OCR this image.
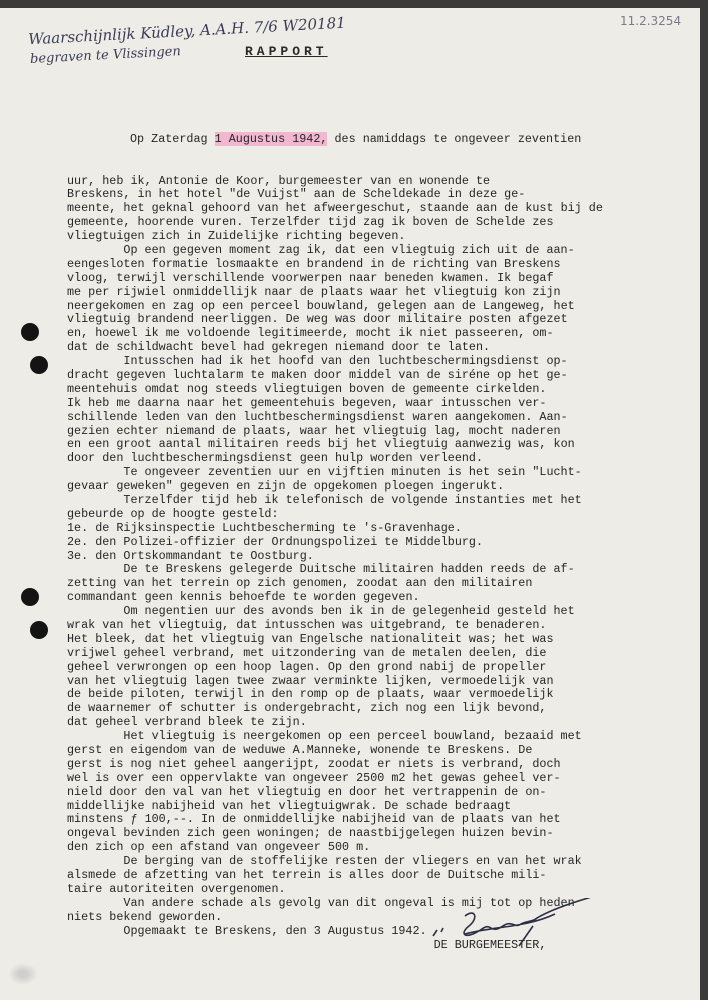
Waarschijnlijk Küdley, A.A.H. 7/6 W20181
begraven te Vlissingen
11.2.3254
RAPPORT

Op Zaterdag 1 Augustus 1942, des namiddags te ongeveer zeventien

uur, heb ik, Antonie de Koor, burgemeester van en wonende te
Breskens, in het hotel "de Vuijst" aan de Scheldekade in deze ge-
meente, het geknal gehoord van het afweergeschut, staande aan de kust bij de
gemeente, hoorende vuren. Terzelfder tijd zag ik boven de Schelde zes
vliegtuigen zich in Zuidelijke richting begeven.
Op een gegeven moment zag ik, dat een vliegtuig zich uit de aan-
eengesloten formatie losmaakte en brandend in de richting van Breskens
vloog, terwijl verschillende voorwerpen naar beneden kwamen. Ik begaf
me per rijwiel onmiddellijk naar de plaats waar het vliegtuig kon zijn
neergekomen en zag op een perceel bouwland, gelegen aan de Langeweg, het
vliegtuig brandend neerliggen. De weg was door militaire posten afgezet
en, hoewel ik me voldoende legitimeerde, mocht ik niet passeeren, om-
dat de schildwacht bevel had gekregen niemand door te laten.
Intusschen had ik het hoofd van den luchtbeschermingsdienst op-
dracht gegeven luchtalarm te maken door middel van de siréne op het ge-
meentehuis omdat nog steeds vliegtuigen boven de gemeente cirkelden.
Ik heb me daarna naar het gemeentehuis begeven, waar intusschen ver-
schillende leden van den luchtbeschermingsdienst waren aangekomen. Aan-
gezien echter niemand de plaats, waar het vliegtuig lag, mocht naderen
en een groot aantal militairen reeds bij het vliegtuig aanwezig was, kon
door den luchtbeschermingsdienst geen hulp worden verleend.
Te ongeveer zeventien uur en vijftien minuten is het sein "Lucht-
gevaar geweken" gegeven en zijn de opgekomen ploegen ingerukt.
Terzelfder tijd heb ik telefonisch de volgende instanties met het
gebeurde op de hoogte gesteld:
1e. de Rijksinspectie Luchtbescherming te 's-Gravenhage.
2e. den Polizei-offizier der Ordnungspolizei te Middelburg.
3e. den Ortskommandant te Oostburg.
De te Breskens gelegerde Duitsche militairen hadden reeds de af-
zetting van het terrein op zich genomen, zoodat aan den militairen
commandant geen kennis behoefde te worden gegeven.
Om negentien uur des avonds ben ik in de gelegenheid gesteld het
wrak van het vliegtuig, dat intusschen was uitgebrand, te benaderen.
Het bleek, dat het vliegtuig van Engelsche nationaliteit was; het was
vrijwel geheel verbrand, met uitzondering van de metalen deelen, die
geheel verwrongen op een hoop lagen. Op den grond nabij de propeller
van het vliegtuig lagen twee zwaar verminkte lijken, vermoedelijk van
de beide piloten, terwijl in den romp op de plaats, waar vermoedelijk
de waarnemer of schutter is ondergebracht, zich nog een lijk bevond,
dat geheel verbrand bleek te zijn.
Het vliegtuig is neergekomen op een perceel bouwland, bezaaid met
gerst en eigendom van de weduwe A.Manneke, wonende te Breskens. De
gerst is nog niet geheel aangerijpt, zoodat er niets is verbrand, doch
wel is over een oppervlakte van ongeveer 2500 m2 het gewas geheel ver-
nield door den val van het vliegtuig en door het vertrappenin de on-
middellijke nabijheid van het vliegtuigwrak. De schade bedraagt
minstens ƒ 100,--. In de onmiddellijke nabijheid van de plaats van het
ongeval bevinden zich geen woningen; de naastbijgelegen huizen bevin-
den zich op een afstand van ongeveer 500 m.
De berging van de stoffelijke resten der vliegers en van het wrak
alsmede de afzetting van het terrein is alles door de Duitsche mili-
taire autoriteiten overgenomen.
Van andere schade als gevolg van dit ongeval is mij tot op heden
niets bekend geworden.
Opgemaakt te Breskens, den 3 Augustus 1942.
DE BURGEMEESTER,
